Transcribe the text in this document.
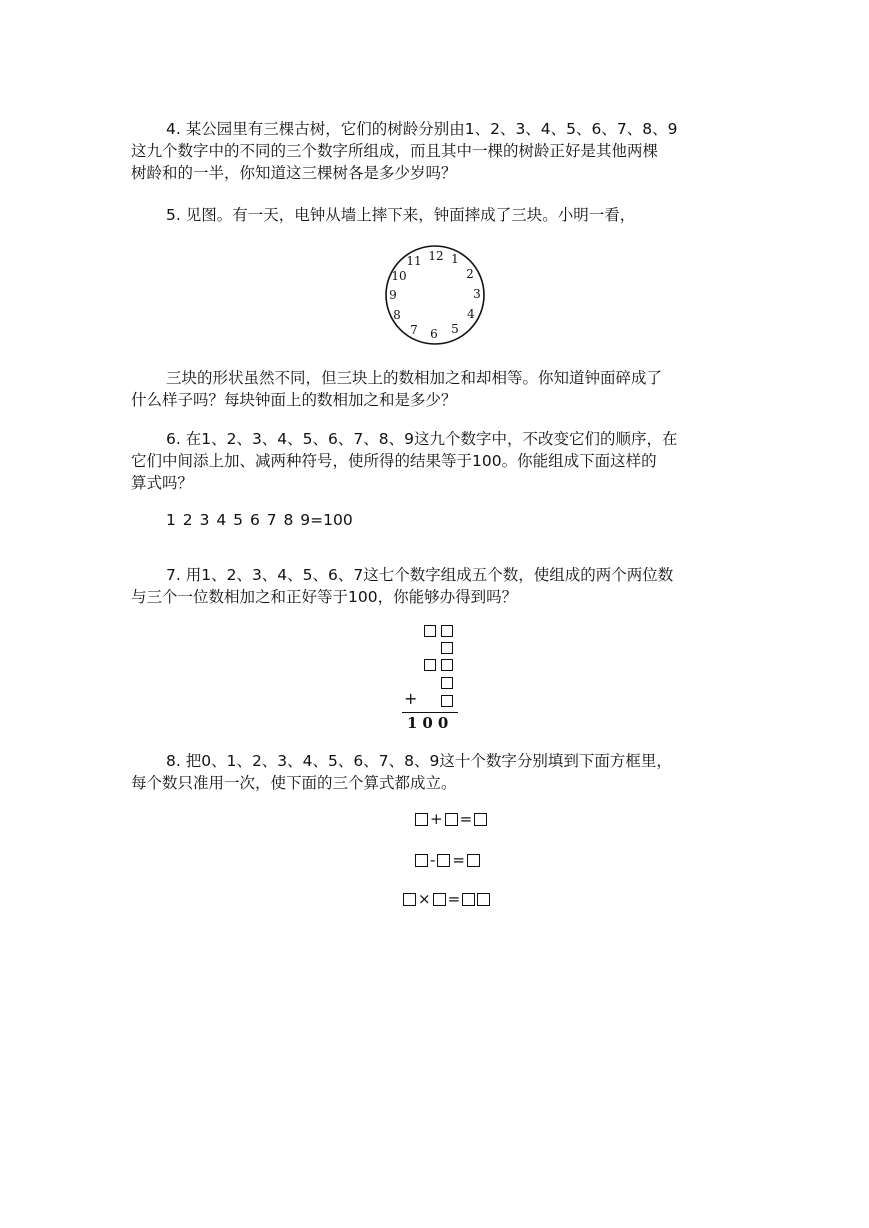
4. 某公园里有三棵古树，它们的树龄分别由1、2、3、4、5、6、7、8、9
这九个数字中的不同的三个数字所组成，而且其中一棵的树龄正好是其他两棵
树龄和的一半，你知道这三棵树各是多少岁吗？
5. 见图。有一天，电钟从墙上摔下来，钟面摔成了三块。小明一看，
12 1
2
3
4
5
6
7
8
9
10
11
三块的形状虽然不同，但三块上的数相加之和却相等。你知道钟面碎成了
什么样子吗？每块钟面上的数相加之和是多少？
6. 在1、2、3、4、5、6、7、8、9这九个数字中，不改变它们的顺序，在
它们中间添上加、减两种符号，使所得的结果等于100。你能组成下面这样的
算式吗？
1 2 3 4 5 6 7 8 9=100
7. 用1、2、3、4、5、6、7这七个数字组成五个数，使组成的两个两位数
与三个一位数相加之和正好等于100，你能够办得到吗？
+
100
8. 把0、1、2、3、4、5、6、7、8、9这十个数字分别填到下面方框里，
每个数只准用一次，使下面的三个算式都成立。
+ =
- =
× =
